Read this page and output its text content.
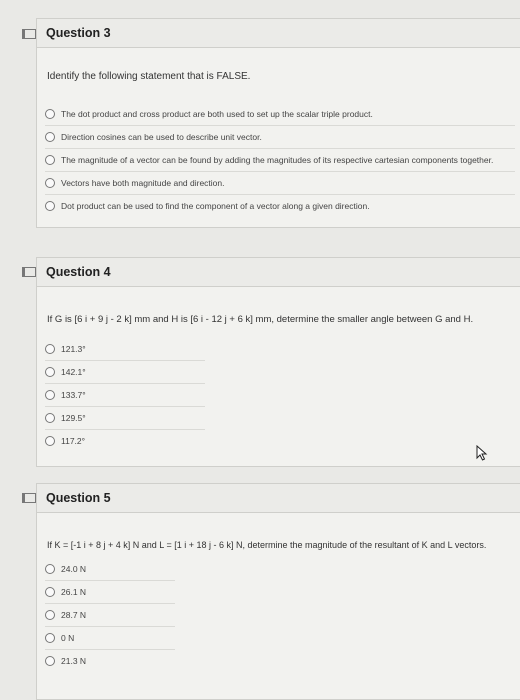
Question 3
Identify the following statement that is FALSE.
The dot product and cross product are both used to set up the scalar triple product.
Direction cosines can be used to describe unit vector.
The magnitude of a vector can be found by adding the magnitudes of its respective cartesian components together.
Vectors have both magnitude and direction.
Dot product can be used to find the component of a vector along a given direction.
Question 4
If G is [6 i + 9 j - 2 k] mm and H is [6 i - 12 j + 6 k] mm, determine the smaller angle between G and H.
121.3°
142.1°
133.7°
129.5°
117.2°
Question 5
If K = [-1 i + 8 j + 4 k] N and L = [1 i + 18 j - 6 k] N, determine the magnitude of the resultant of K and L vectors.
24.0 N
26.1 N
28.7 N
0 N
21.3 N
